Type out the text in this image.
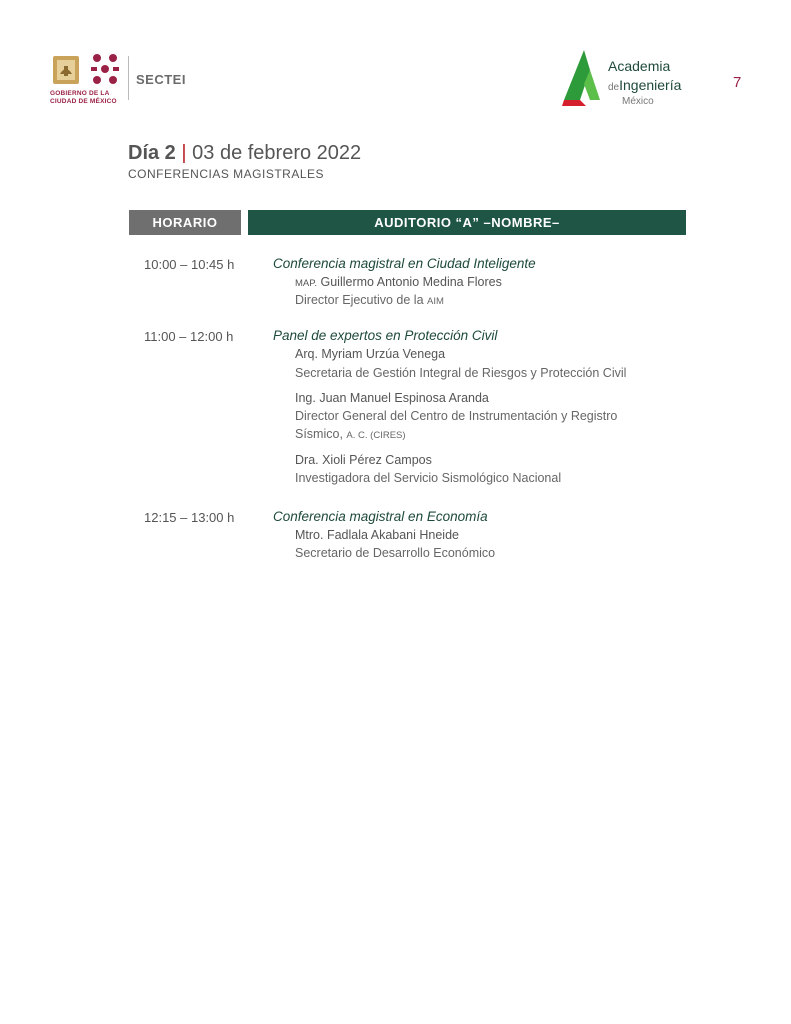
GOBIERNO DE LA
CIUDAD DE MÉXICO
SECTEI
Academia
deIngeniería
México
7
Día 2 | 03 de febrero 2022
CONFERENCIAS MAGISTRALES
HORARIO	AUDITORIO “A” –NOMBRE–
10:00 – 10:45 h	Conferencia magistral en Ciudad Inteligente
MAP. Guillermo Antonio Medina Flores
Director Ejecutivo de la AIM
11:00 – 12:00 h	Panel de expertos en Protección Civil
Arq. Myriam Urzúa Venega
Secretaria de Gestión Integral de Riesgos y Protección Civil
Ing. Juan Manuel Espinosa Aranda
Director General del Centro de Instrumentación y Registro
Sísmico, A. C. (CIRES)
Dra. Xioli Pérez Campos
Investigadora del Servicio Sismológico Nacional
12:15 – 13:00 h	Conferencia magistral en Economía
Mtro. Fadlala Akabani Hneide
Secretario de Desarrollo Económico
